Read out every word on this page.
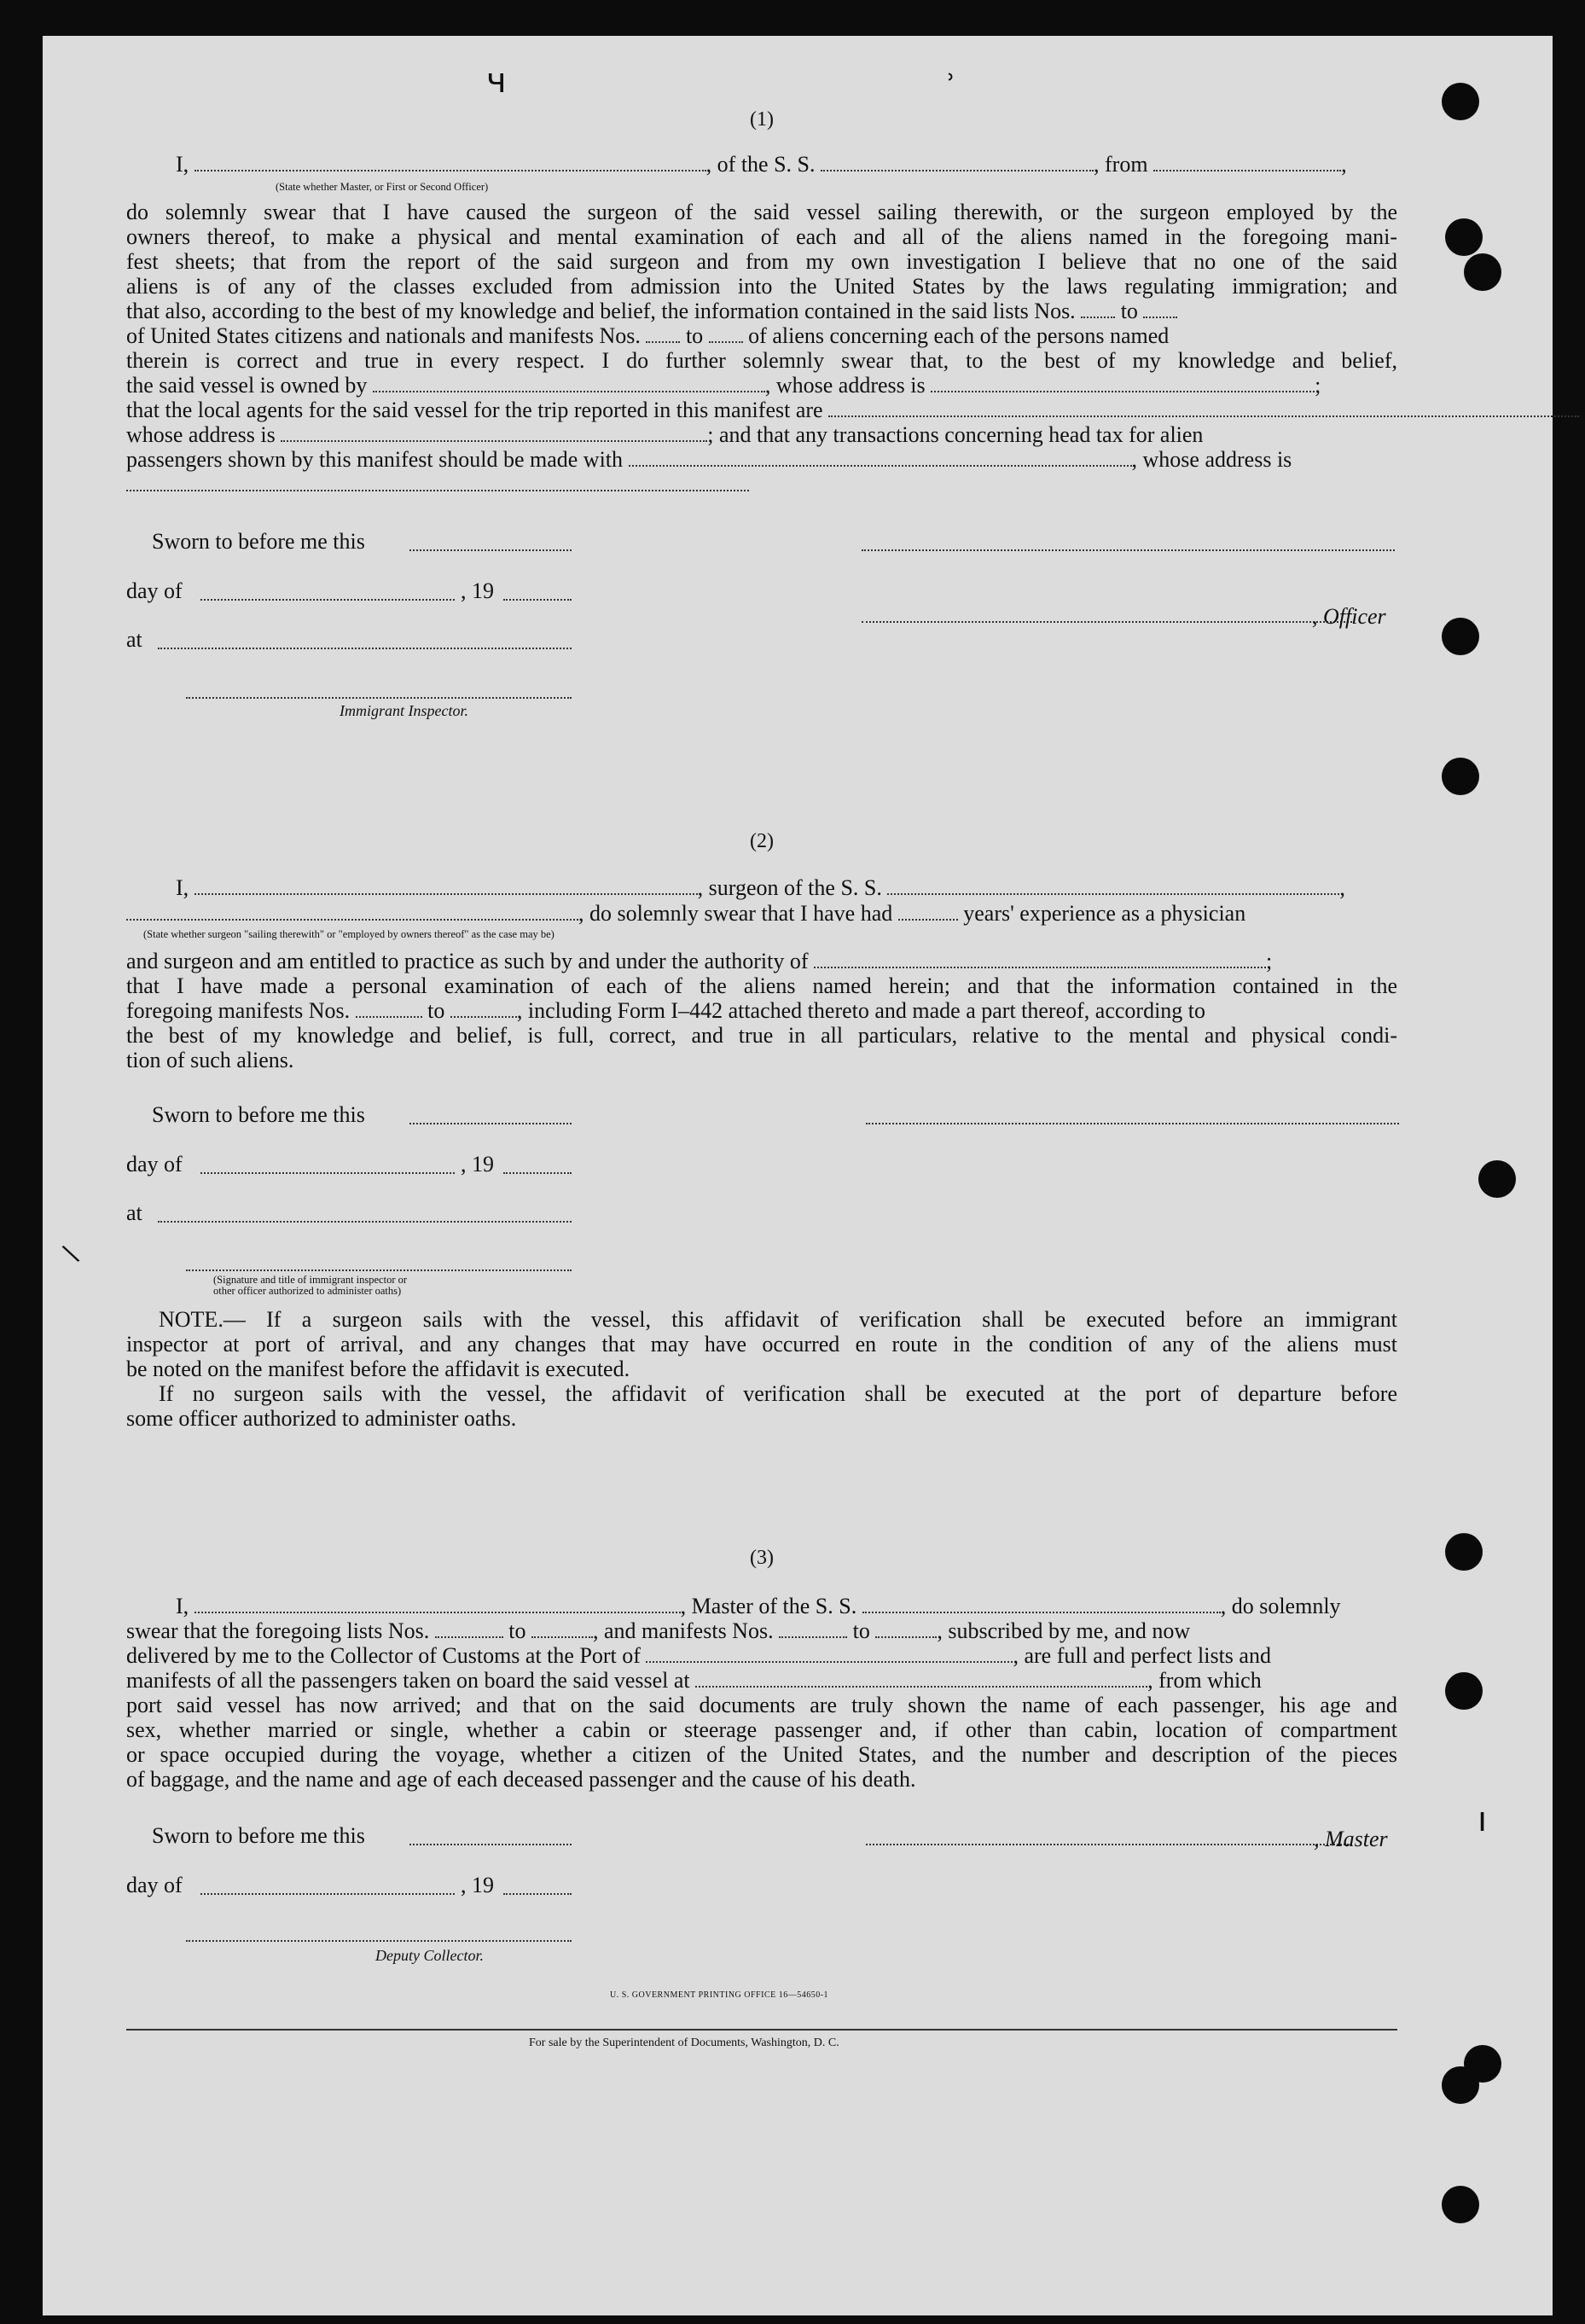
ч	ʾ
(1)
I,	, of the S. S.	, from	,
(State whether Master, or First or Second Officer)
do solemnly swear that I have caused the surgeon of the said vessel sailing therewith, or the surgeon employed by the
owners thereof, to make a physical and mental examination of each and all of the aliens named in the foregoing mani-
fest sheets; that from the report of the said surgeon and from my own investigation I believe that no one of the said
aliens is of any of the classes excluded from admission into the United States by the laws regulating immigration; and
that also, according to the best of my knowledge and belief, the information contained in the said lists Nos. to
of United States citizens and nationals and manifests Nos. to of aliens concerning each of the persons named
therein is correct and true in every respect. I do further solemnly swear that, to the best of my knowledge and belief,
the said vessel is owned by	, whose address is	;
that the local agents for the said vessel for the trip reported in this manifest are	,
whose address is	; and that any transactions concerning head tax for alien
passengers shown by this manifest should be made with	, whose address is
Sworn to before me this
day of	, 19
, Officer
at
Immigrant Inspector.
(2)
I,	, surgeon of the S. S.	,
, do solemnly swear that I have had	years' experience as a physician
(State whether surgeon "sailing therewith" or "employed by owners thereof" as the case may be)
and surgeon and am entitled to practice as such by and under the authority of	;
that I have made a personal examination of each of the aliens named herein; and that the information contained in the
foregoing manifests Nos.	to	, including Form I–442 attached thereto and made a part thereof, according to
the best of my knowledge and belief, is full, correct, and true in all particulars, relative to the mental and physical condi-
tion of such aliens.
Sworn to before me this
day of	, 19
at
(Signature and title of immigrant inspector or
other officer authorized to administer oaths)
\
NOTE.— If a surgeon sails with the vessel, this affidavit of verification shall be executed before an immigrant
inspector at port of arrival, and any changes that may have occurred en route in the condition of any of the aliens must
be noted on the manifest before the affidavit is executed.
If no surgeon sails with the vessel, the affidavit of verification shall be executed at the port of departure before
some officer authorized to administer oaths.
(3)
I,	, Master of the S. S.	, do solemnly
swear that the foregoing lists Nos.	to	, and manifests Nos.	to	, subscribed by me, and now
delivered by me to the Collector of Customs at the Port of	, are full and perfect lists and
manifests of all the passengers taken on board the said vessel at	, from which
port said vessel has now arrived; and that on the said documents are truly shown the name of each passenger, his age and
sex, whether married or single, whether a cabin or steerage passenger and, if other than cabin, location of compartment
or space occupied during the voyage, whether a citizen of the United States, and the number and description of the pieces
of baggage, and the name and age of each deceased passenger and the cause of his death.
Sworn to before me this	, Master
day of	, 19
Deputy Collector.
U. S. GOVERNMENT PRINTING OFFICE 16—54650-1
For sale by the Superintendent of Documents, Washington, D. C.
ı
